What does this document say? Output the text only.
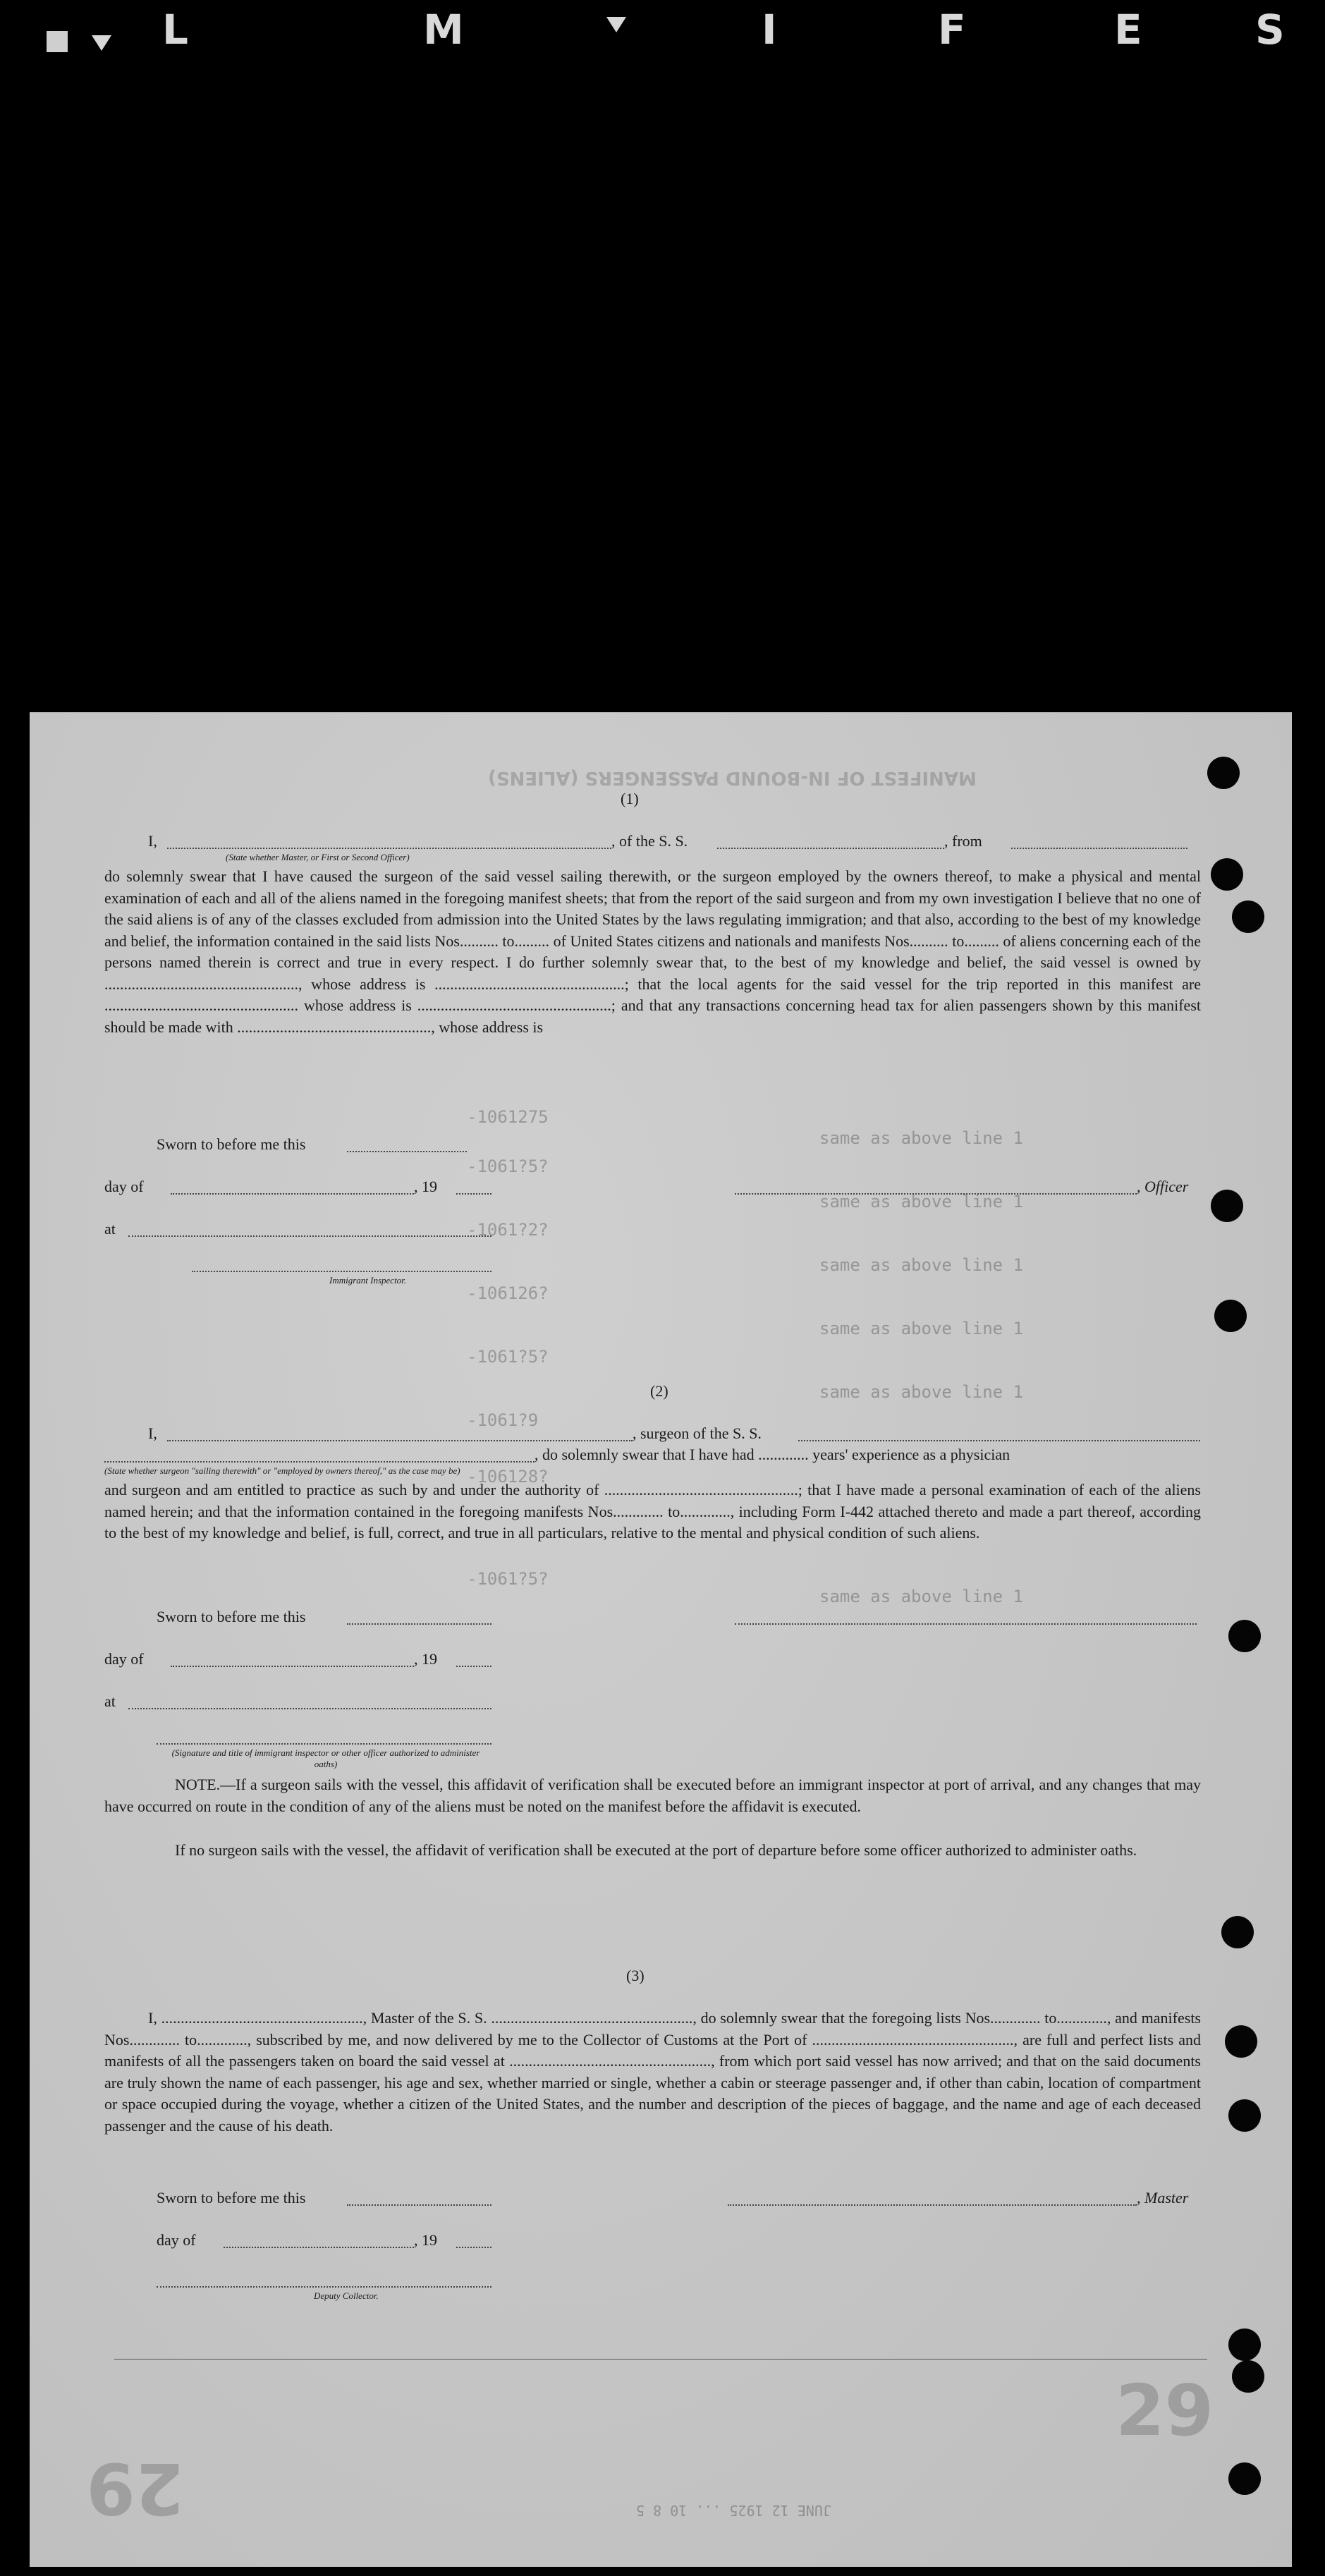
L	M	I	F	E	S
MANIFEST OF IN-BOUND PASSENGERS (ALIENS)
29
29	JUNE 12 1925 ... 10 8 5
-1061275
-1061?5?
-1061?2?
-106126?
-1061?5?
-1061?9
-106128?
-1061?5?
same as above line 1
same as above line 1
same as above line 1
same as above line 1
same as above line 1
same as above line 1
(1)
I,	, of the S. S.	, from
(State whether Master, or First or Second Officer)
do solemnly swear that I have caused the surgeon of the said vessel sailing therewith, or the surgeon employed by the owners thereof, to make a physical and mental examination of each and all of the aliens named in the foregoing manifest sheets; that from the report of the said surgeon and from my own investigation I believe that no one of the said aliens is of any of the classes excluded from admission into the United States by the laws regulating immigration; and that also, according to the best of my knowledge and belief, the information contained in the said lists Nos.......... to......... of United States citizens and nationals and manifests Nos.......... to......... of aliens concerning each of the persons named therein is correct and true in every respect. I do further solemnly swear that, to the best of my knowledge and belief, the said vessel is owned by .................................................., whose address is .................................................; that the local agents for the said vessel for the trip reported in this manifest are .................................................. whose address is ..................................................; and that any transactions concerning head tax for alien passengers shown by this manifest should be made with .................................................., whose address is
Sworn to before me this
day of	, 19	, Officer
at
Immigrant Inspector.
(2)
I,	, surgeon of the S. S.
, do solemnly swear that I have had ............. years' experience as a physician
(State whether surgeon "sailing therewith" or "employed by owners thereof," as the case may be)
and surgeon and am entitled to practice as such by and under the authority of ..................................................; that I have made a personal examination of each of the aliens named herein; and that the information contained in the foregoing manifests Nos............. to............., including Form I-442 attached thereto and made a part thereof, according to the best of my knowledge and belief, is full, correct, and true in all particulars, relative to the mental and physical condition of such aliens.
Sworn to before me this
day of	, 19
at
(Signature and title of immigrant inspector or other officer authorized to administer oaths)
NOTE.—If a surgeon sails with the vessel, this affidavit of verification shall be executed before an immigrant inspector at port of arrival, and any changes that may have occurred on route in the condition of any of the aliens must be noted on the manifest before the affidavit is executed.
If no surgeon sails with the vessel, the affidavit of verification shall be executed at the port of departure before some officer authorized to administer oaths.
(3)
I, ...................................................., Master of the S. S. ...................................................., do solemnly swear that the foregoing lists Nos............. to............., and manifests Nos............. to............., subscribed by me, and now delivered by me to the Collector of Customs at the Port of ...................................................., are full and perfect lists and manifests of all the passengers taken on board the said vessel at ...................................................., from which port said vessel has now arrived; and that on the said documents are truly shown the name of each passenger, his age and sex, whether married or single, whether a cabin or steerage passenger and, if other than cabin, location of compartment or space occupied during the voyage, whether a citizen of the United States, and the number and description of the pieces of baggage, and the name and age of each deceased passenger and the cause of his death.
Sworn to before me this	, Master
day of	, 19
Deputy Collector.
